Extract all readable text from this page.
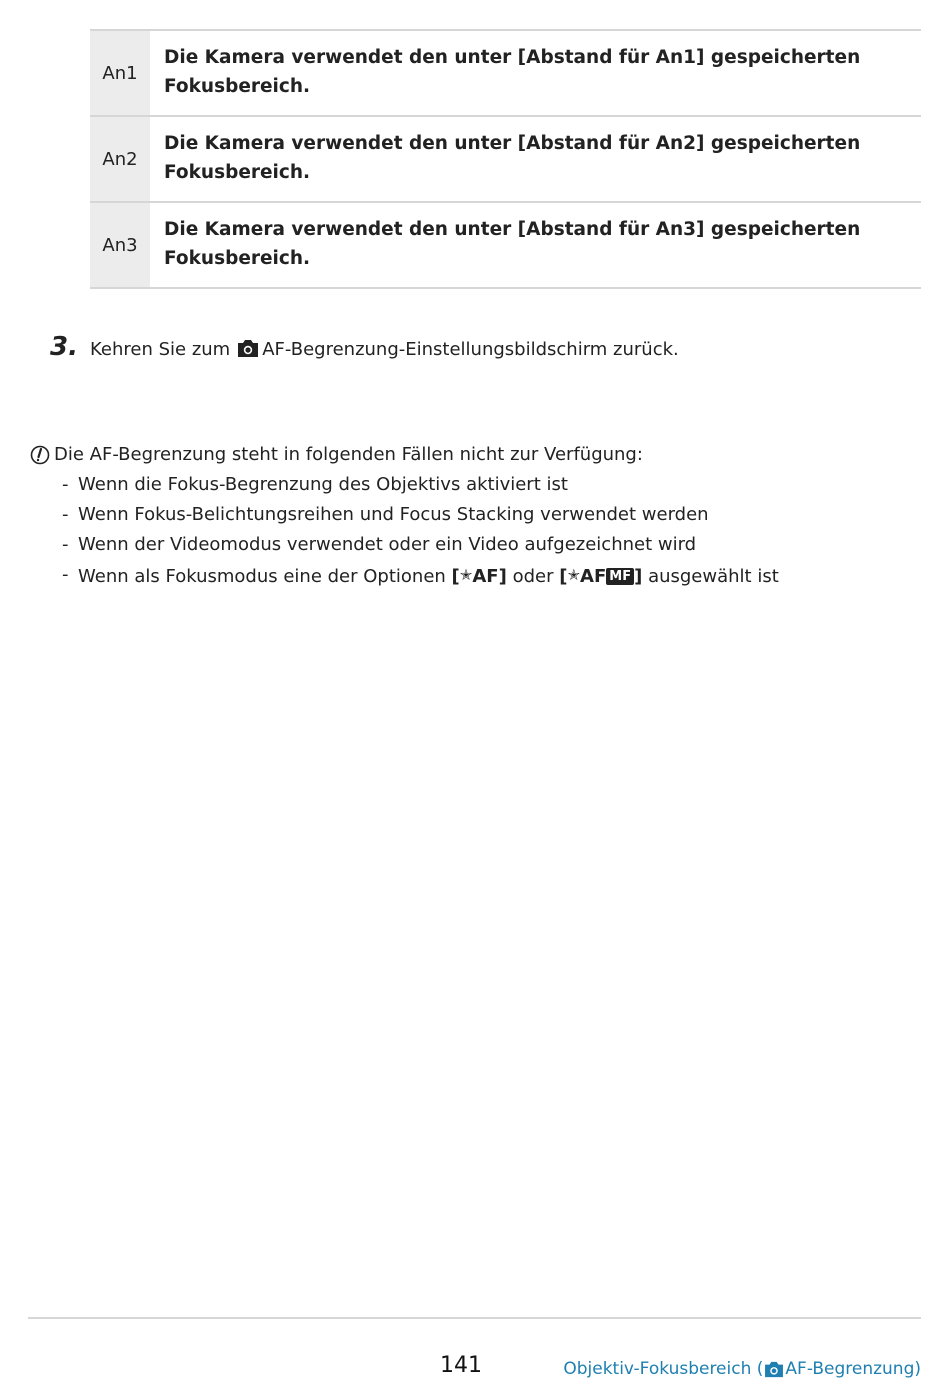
An1
Die Kamera verwendet den unter [Abstand für An1] gespeicherten Fokusbereich.
An2
Die Kamera verwendet den unter [Abstand für An2] gespeicherten Fokusbereich.
An3
Die Kamera verwendet den unter [Abstand für An3] gespeicherten Fokusbereich.
3. Kehren Sie zum AF-Begrenzung-Einstellungsbildschirm zurück.
Die AF-Begrenzung steht in folgenden Fällen nicht zur Verfügung:
- Wenn die Fokus-Begrenzung des Objektivs aktiviert ist
- Wenn Fokus-Belichtungsreihen und Focus Stacking verwendet werden
- Wenn der Videomodus verwendet oder ein Video aufgezeichnet wird
- Wenn als Fokusmodus eine der Optionen [✭AF] oder [✭AF MF ] ausgewählt ist
141	Objektiv-Fokusbereich ( AF-Begrenzung)
